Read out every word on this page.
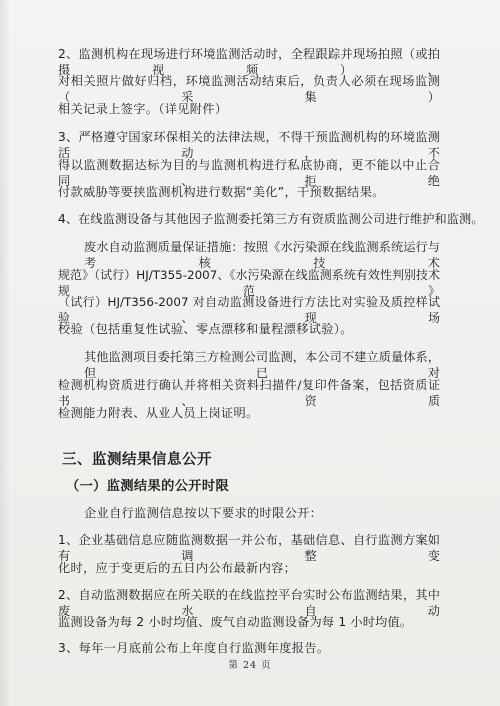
2、监测机构在现场进行环境监测活动时，全程跟踪并现场拍照（或拍摄视频），

对相关照片做好归档，环境监测活动结束后，负责人必须在现场监测（采集）

相关记录上签字。（详见附件）

3、严格遵守国家环保相关的法律法规，不得干预监测机构的环境监测活动，不

得以监测数据达标为目的与监测机构进行私底协商，更不能以中止合同、拒绝

付款威胁等要挟监测机构进行数据“美化”，干预数据结果。

4、在线监测设备与其他因子监测委托第三方有资质监测公司进行维护和监测。

废水自动监测质量保证措施：按照《水污染源在线监测系统运行与考核技术

规范》（试行）HJ/T355-2007、《水污染源在线监测系统有效性判别技术规范》

（试行）HJ/T356-2007 对自动监测设备进行方法比对实验及质控样试验、现场

校验（包括重复性试验、零点漂移和量程漂移试验）。

其他监测项目委托第三方检测公司监测，本公司不建立质量体系，但已对

检测机构资质进行确认并将相关资料扫描件/复印件备案，包括资质证书、资质

检测能力附表、从业人员上岗证明。

三、监测结果信息公开
（一）监测结果的公开时限

企业自行监测信息按以下要求的时限公开：

1、企业基础信息应随监测数据一并公布，基础信息、自行监测方案如有调整变

化时，应于变更后的五日内公布最新内容；

2、自动监测数据应在所关联的在线监控平台实时公布监测结果，其中废水自动

监测设备为每 2 小时均值、废气自动监测设备为每 1 小时均值。

3、每年一月底前公布上年度自行监测年度报告。

第 24 页
